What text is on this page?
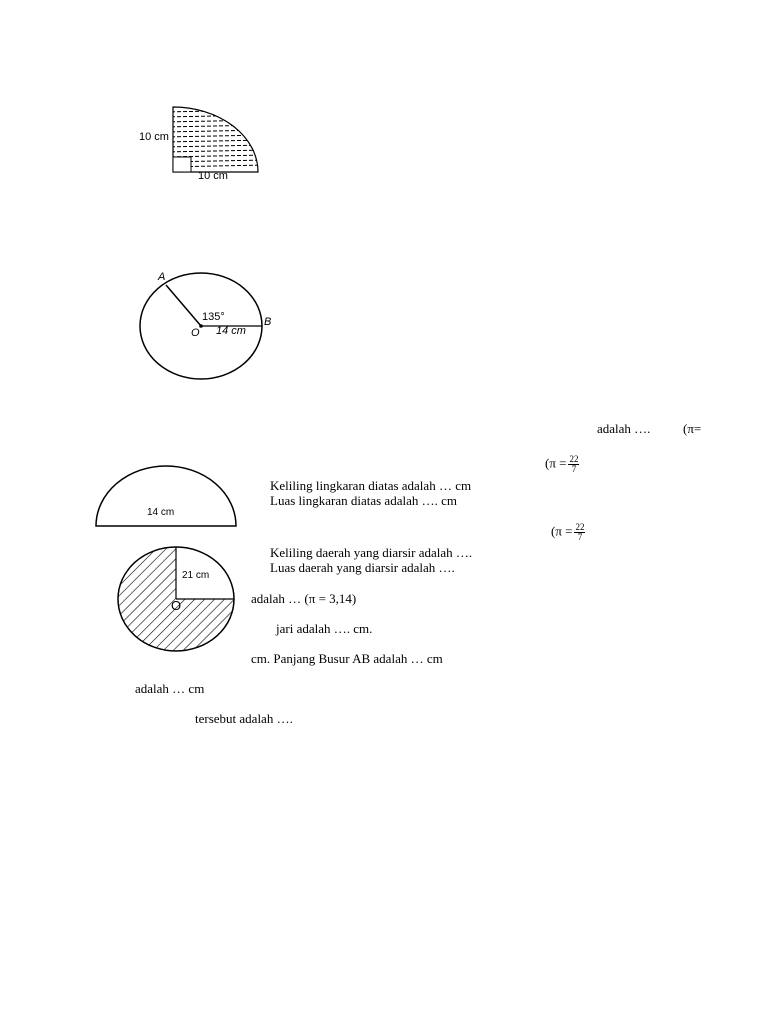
10 cm
10 cm
A
O
B
135°
14 cm
adalah ….	(π=
14 cm
($\pi = \frac{22}{7}$
Keliling lingkaran diatas adalah … cm
Luas lingkaran diatas adalah …. cm
($\pi = \frac{22}{7}$
21 cm
O
Keliling daerah yang diarsir adalah ….
Luas daerah yang diarsir adalah ….
adalah … (π = 3,14)
jari adalah …. cm.
cm. Panjang Busur AB adalah … cm
adalah … cm
tersebut adalah ….
